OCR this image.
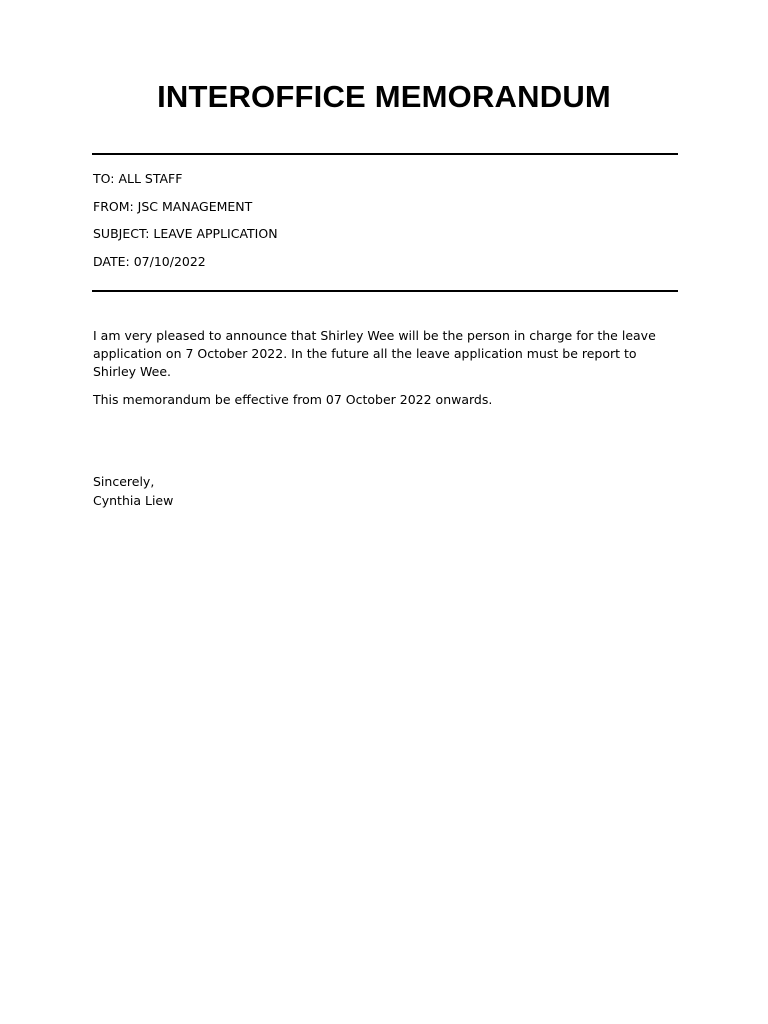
INTEROFFICE MEMORANDUM
TO: ALL STAFF
FROM: JSC MANAGEMENT
SUBJECT: LEAVE APPLICATION
DATE: 07/10/2022

I am very pleased to announce that Shirley Wee will be the person in charge for the leave application on 7 October 2022. In the future all the leave application must be report to Shirley Wee.

This memorandum be effective from 07 October 2022 onwards.

Sincerely,
Cynthia Liew
